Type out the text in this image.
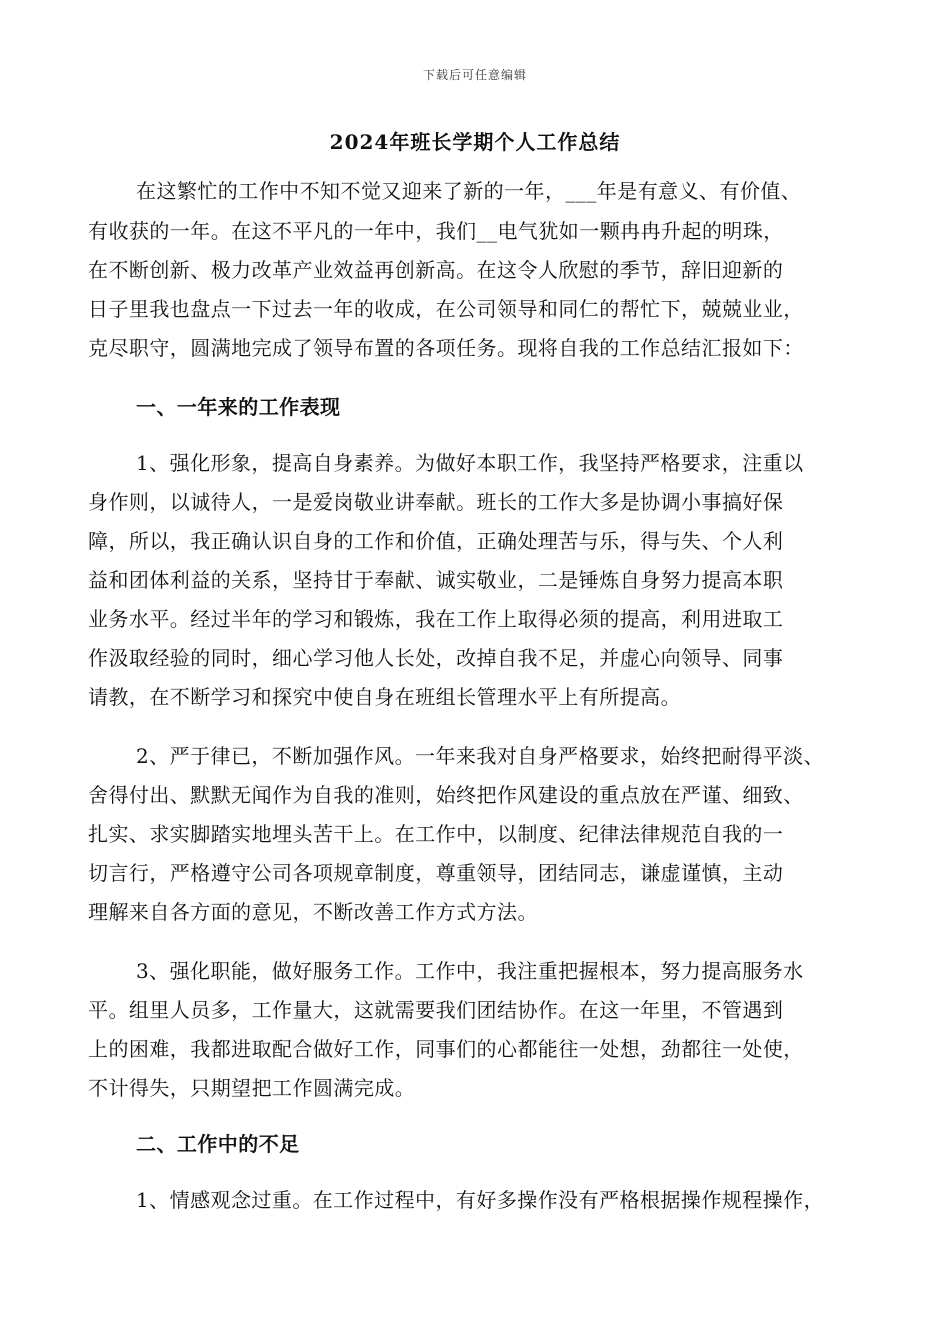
下载后可任意编辑
2024年班长学期个人工作总结
在这繁忙的工作中不知不觉又迎来了新的一年，___年是有意义、有价值、
有收获的一年。在这不平凡的一年中，我们__电气犹如一颗冉冉升起的明珠，
在不断创新、极力改革产业效益再创新高。在这令人欣慰的季节，辞旧迎新的
日子里我也盘点一下过去一年的收成，在公司领导和同仁的帮忙下，兢兢业业，
克尽职守，圆满地完成了领导布置的各项任务。现将自我的工作总结汇报如下：
一、一年来的工作表现
1、强化形象，提高自身素养。为做好本职工作，我坚持严格要求，注重以
身作则，以诚待人，一是爱岗敬业讲奉献。班长的工作大多是协调小事搞好保
障，所以，我正确认识自身的工作和价值，正确处理苦与乐，得与失、个人利
益和团体利益的关系，坚持甘于奉献、诚实敬业，二是锤炼自身努力提高本职
业务水平。经过半年的学习和锻炼，我在工作上取得必须的提高，利用进取工
作汲取经验的同时，细心学习他人长处，改掉自我不足，并虚心向领导、同事
请教，在不断学习和探究中使自身在班组长管理水平上有所提高。
2、严于律已，不断加强作风。一年来我对自身严格要求，始终把耐得平淡、
舍得付出、默默无闻作为自我的准则，始终把作风建设的重点放在严谨、细致、
扎实、求实脚踏实地埋头苦干上。在工作中，以制度、纪律法律规范自我的一
切言行，严格遵守公司各项规章制度，尊重领导，团结同志，谦虚谨慎，主动
理解来自各方面的意见，不断改善工作方式方法。
3、强化职能，做好服务工作。工作中，我注重把握根本，努力提高服务水
平。组里人员多，工作量大，这就需要我们团结协作。在这一年里，不管遇到
上的困难，我都进取配合做好工作，同事们的心都能往一处想，劲都往一处使，
不计得失，只期望把工作圆满完成。
二、工作中的不足
1、情感观念过重。在工作过程中，有好多操作没有严格根据操作规程操作，
